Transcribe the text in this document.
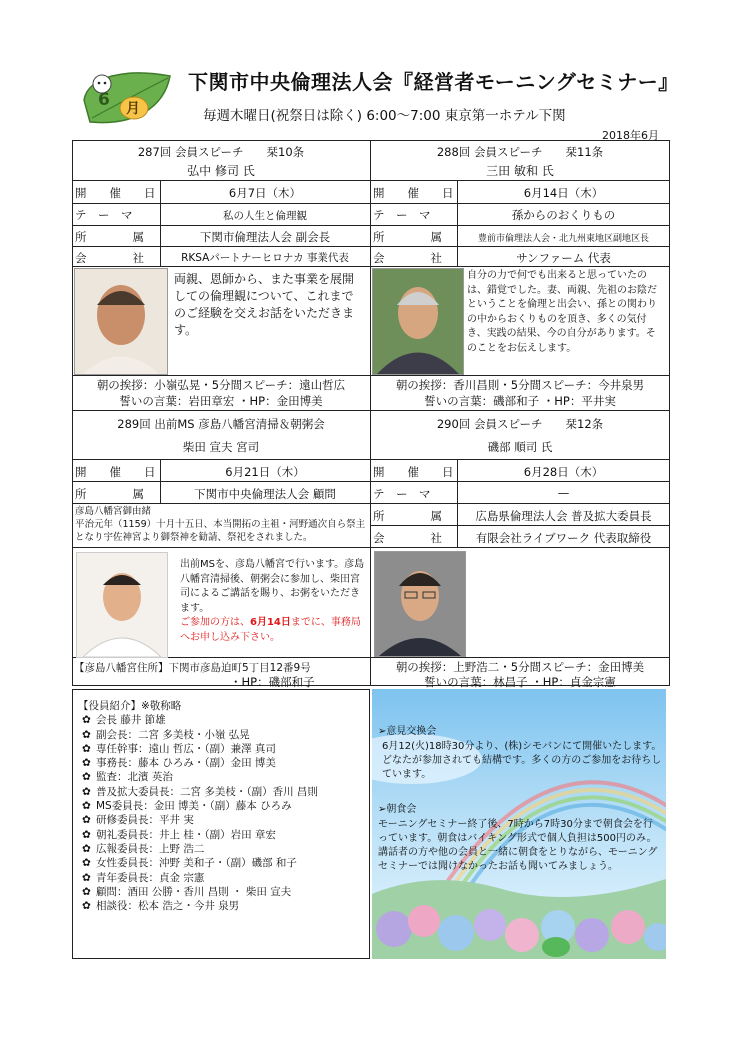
6 月
下関市中央倫理法人会『経営者モーニングセミナー』
毎週木曜日(祝祭日は除く) 6:00～7:00 東京第一ホテル下関
2018年6月
287回 会員スピーチ　　栞10条
弘中 修司 氏
開　　催　　日	6月7日（木）
テ　ー　マ	私の人生と倫理観
所　　　　属	下関市倫理法人会 副会長
会　　　　社	RKSAパートナーヒロナカ 事業代表
両親、恩師から、また事業を展開しての倫理観について、これまでのご経験を交えお話をいただきます。
朝の挨拶：小嶺弘晃・5分間スピーチ：遠山哲広
誓いの言葉：岩田章宏 ・HP：金田博美
288回 会員スピーチ　　栞11条
三田 敏和 氏
開　　催　　日	6月14日（木）
テ　ー　マ	孫からのおくりもの
所　　　　属	豊前市倫理法人会・北九州東地区副地区長
会　　　　社	サンファーム 代表
自分の力で何でも出来ると思っていたのは、錯覚でした。妻、両親、先祖のお陰だということを倫理と出会い、孫との関わりの中からおくりものを頂き、多くの気付き、実践の結果、今の自分があります。そのことをお伝えします。
朝の挨拶：香川昌則・5分間スピーチ：今井泉男
誓いの言葉：磯部和子 ・HP：平井実
289回 出前MS 彦島八幡宮清掃＆朝粥会
柴田 宣夫 宮司
開　　催　　日	6月21日（木）
所　　　　属	下関市中央倫理法人会 顧問
彦島八幡宮御由緒
平治元年（1159）十月十五日、本当開拓の主祖・河野通次自ら祭主となり宇佐神宮より御祭神を勧請、祭祀をされました。
出前MSを、彦島八幡宮で行います。彦島八幡宮清掃後、朝粥会に参加し、柴田宮司によるご講話を賜り、お粥をいただきます。
ご参加の方は、6月14日までに、事務局へお申し込み下さい。
【彦島八幡宮住所】下関市彦島迫町5丁目12番9号
・HP：磯部和子
290回 会員スピーチ　　栞12条
磯部 順司 氏
開　　催　　日	6月28日（木）
テ　ー　マ	—
所　　　　属	広島県倫理法人会 普及拡大委員長
会　　　　社	有限会社ライブワーク 代表取締役
朝の挨拶：上野浩二・5分間スピーチ：金田博美
誓いの言葉：林昌子 ・HP：貞金宗憲
【役員紹介】※敬称略
✿ 会長 藤井 節雄
✿ 副会長：二宮 多美枝・小嶺 弘晃
✿ 専任幹事：遠山 哲広・（副）兼澤 真司
✿ 事務長：藤本 ひろみ・（副）金田 博美
✿ 監査：北濱 英治
✿ 普及拡大委員長：二宮 多美枝・（副）香川 昌則
✿ MS委員長：金田 博美・（副）藤本 ひろみ
✿ 研修委員長：平井 実
✿ 朝礼委員長：井上 桂・（副）岩田 章宏
✿ 広報委員長：上野 浩二
✿ 女性委員長：沖野 美和子・（副）磯部 和子
✿ 青年委員長：貞金 宗憲
✿ 顧問：酒田 公勝・香川 昌則 ・ 柴田 宣夫
✿ 相談役：松本 浩之・今井 泉男
➢意見交換会
6月12(火)18時30分より、(株)シモバンにて開催いたします。どなたが参加されても結構です。多くの方のご参加をお待ちしています。
➢朝食会
モーニングセミナー終了後、7時から7時30分まで朝食会を行っています。朝食はバイキング形式で個人負担は500円のみ。講話者の方や他の会員と一緒に朝食をとりながら、モーニングセミナーでは聞けなかったお話も聞いてみましょう。
